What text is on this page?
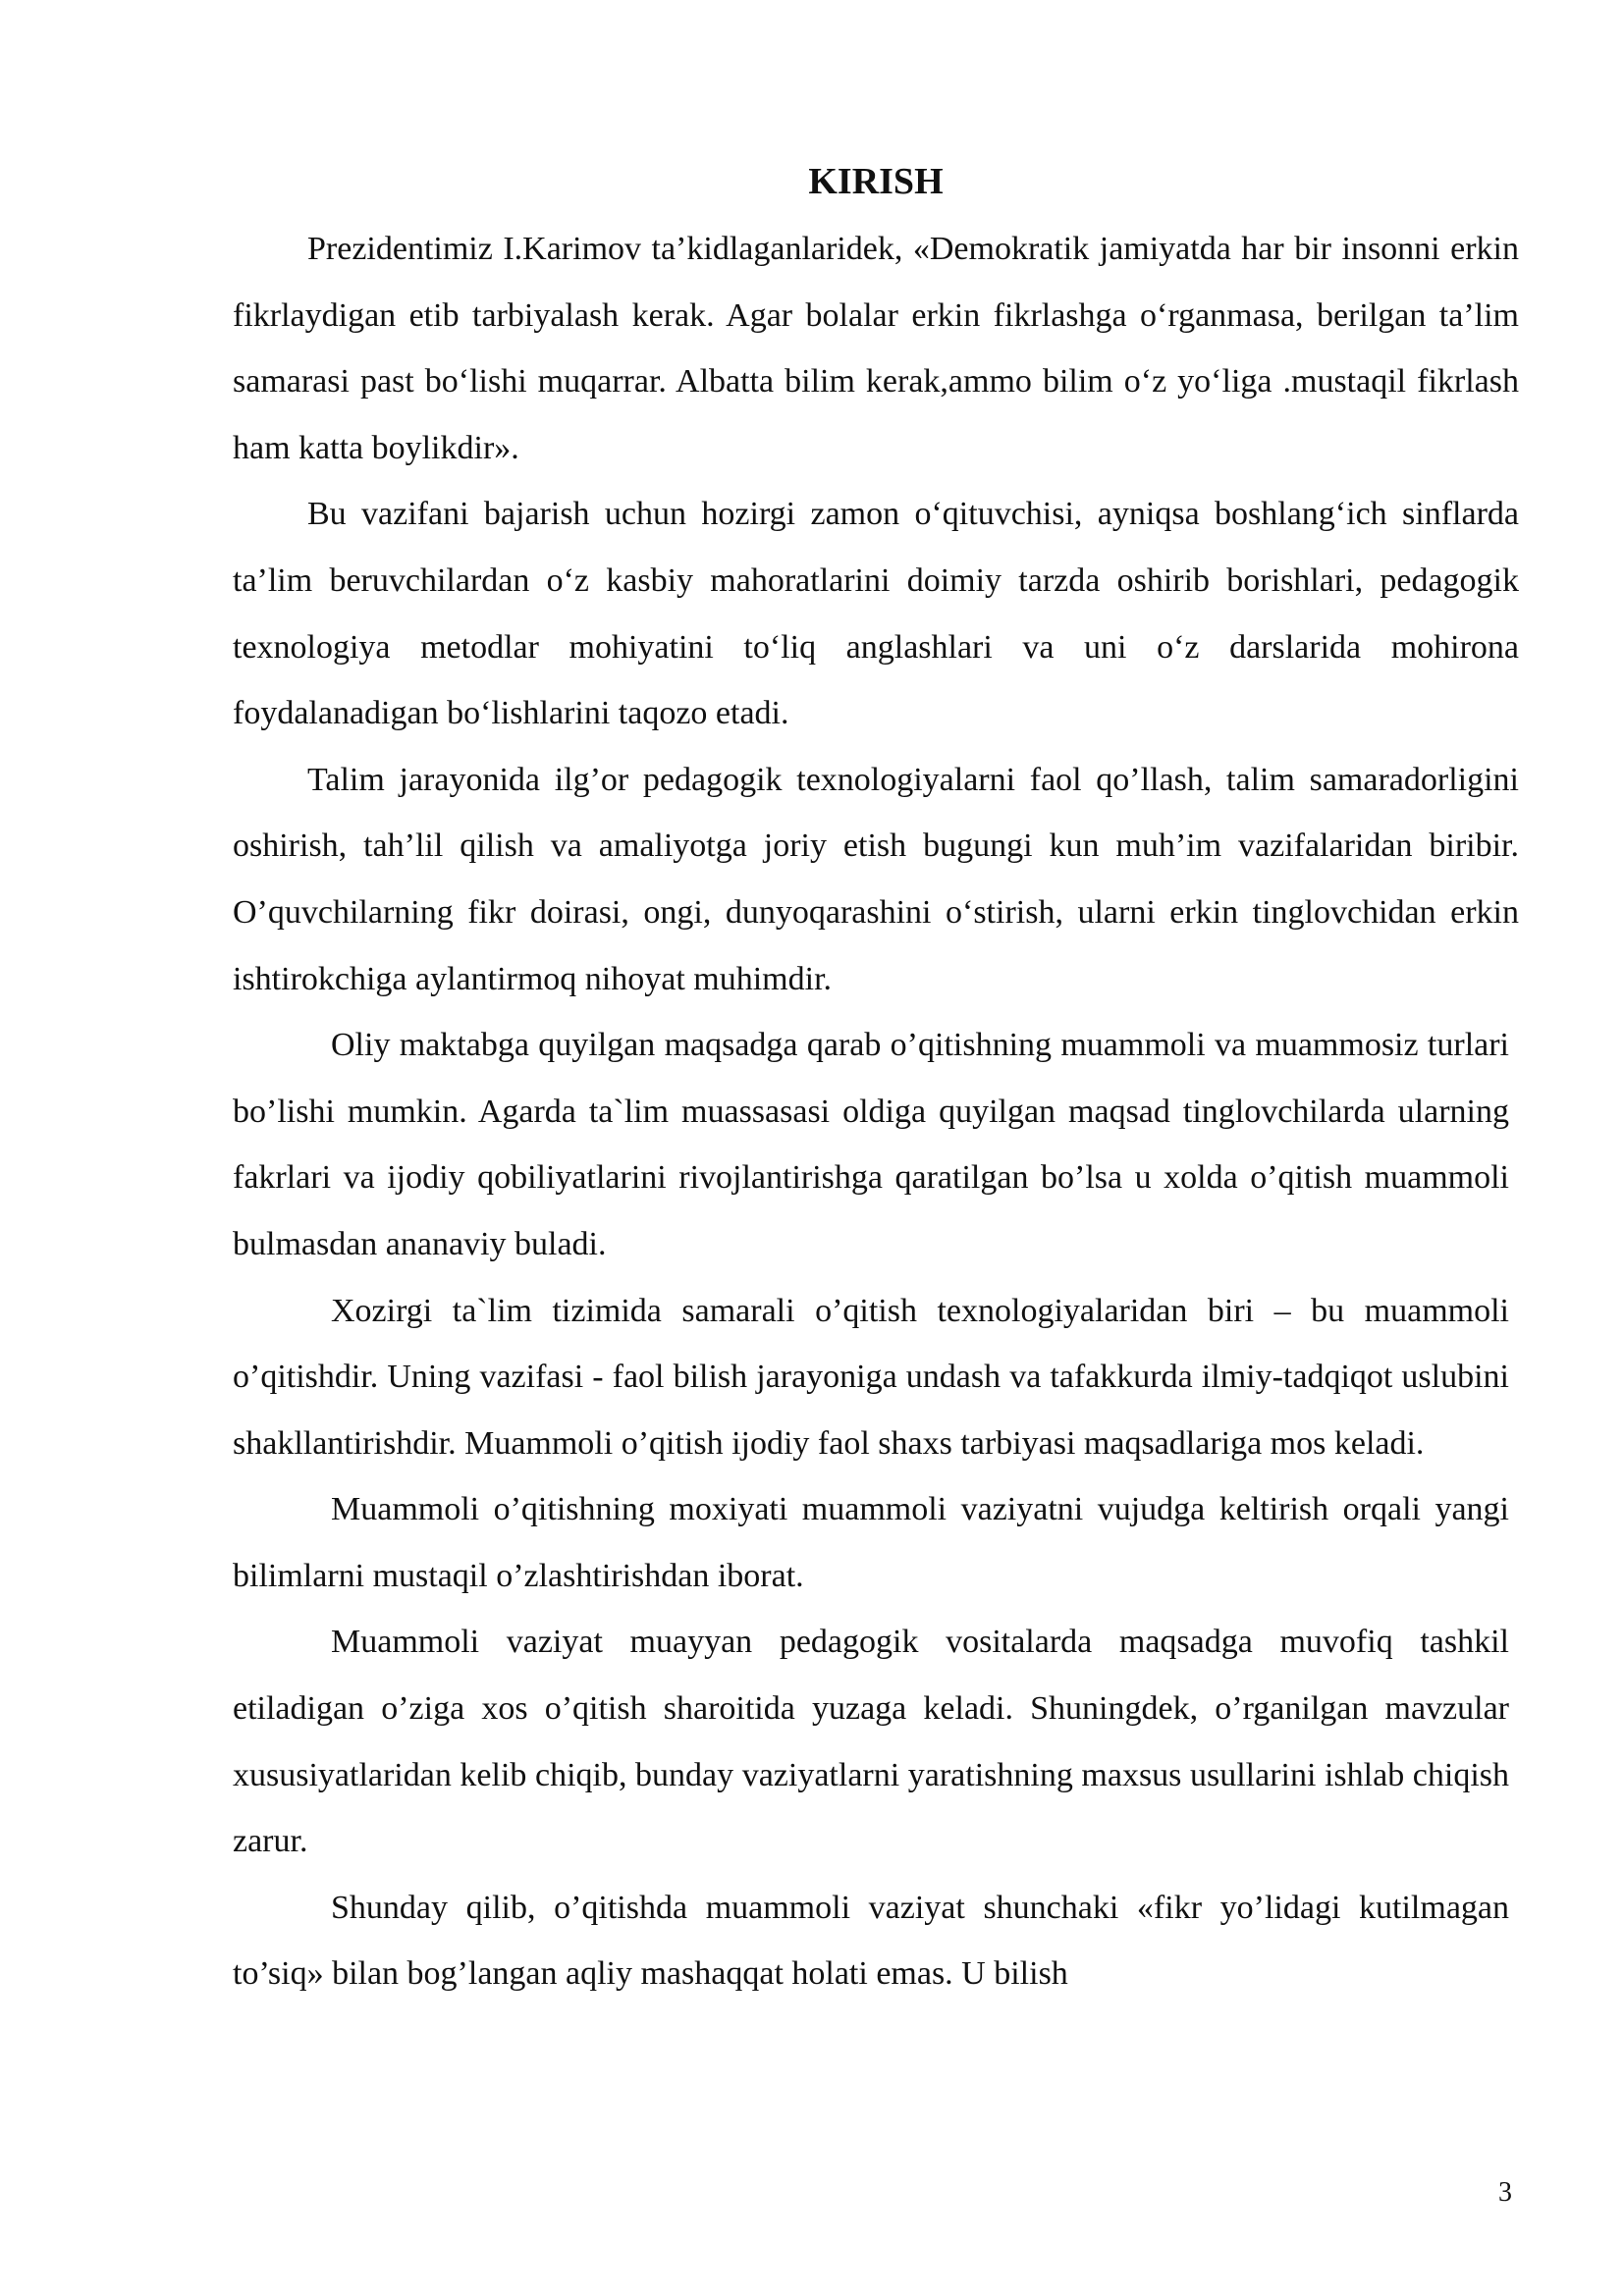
KIRISH

Prezidentimiz I.Karimov ta’kidlaganlaridek, «Demokratik jamiyatda har bir insonni erkin fikrlaydigan etib tarbiyalash kerak. Agar bolalar erkin fikrlashga o‘rganmasa, berilgan ta’lim samarasi past bo‘lishi muqarrar. Albatta bilim kerak,ammo bilim o‘z yo‘liga .mustaqil fikrlash ham katta boylikdir».

Bu vazifani bajarish uchun hozirgi zamon o‘qituvchisi, ayniqsa boshlang‘ich sinflarda ta’lim beruvchilardan o‘z kasbiy mahoratlarini doimiy tarzda oshirib borishlari, pedagogik texnologiya metodlar mohiyatini to‘liq anglashlari va uni o‘z darslarida mohirona foydalanadigan bo‘lishlarini taqozo etadi.

Talim jarayonida ilg’or pedagogik texnologiyalarni faol qo’llash, talim samaradorligini oshirish, tah’lil qilish va amaliyotga joriy etish bugungi kun muh’im vazifalaridan biribir. O’quvchilarning fikr doirasi, ongi, dunyoqarashini o‘stirish, ularni erkin tinglovchidan erkin ishtirokchiga aylantirmoq nihoyat muhimdir.

Oliy maktabga quyilgan maqsadga qarab o’qitishning muammoli va muammosiz turlari bo’lishi mumkin. Agarda ta`lim muassasasi oldiga quyilgan maqsad tinglovchilarda ularning fakrlari va ijodiy qobiliyatlarini rivojlantirishga qaratilgan bo’lsa u xolda o’qitish muammoli bulmasdan ananaviy buladi.

Xozirgi ta`lim tizimida samarali o’qitish texnologiyalaridan biri – bu muammoli o’qitishdir. Uning vazifasi - faol bilish jarayoniga undash va tafakkurda ilmiy-tadqiqot uslubini shakllantirishdir. Muammoli o’qitish ijodiy faol shaxs tarbiyasi maqsadlariga mos keladi.

Muammoli o’qitishning moxiyati muammoli vaziyatni vujudga keltirish orqali yangi bilimlarni mustaqil o’zlashtirishdan iborat.

Muammoli vaziyat muayyan pedagogik vositalarda maqsadga muvofiq tashkil etiladigan o’ziga xos o’qitish sharoitida yuzaga keladi. Shuningdek, o’rganilgan mavzular xususiyatlaridan kelib chiqib, bunday vaziyatlarni yaratishning maxsus usullarini ishlab chiqish zarur.

Shunday qilib, o’qitishda muammoli vaziyat shunchaki «fikr yo’lidagi kutilmagan to’siq» bilan bog’langan aqliy mashaqqat holati emas. U bilish

3
